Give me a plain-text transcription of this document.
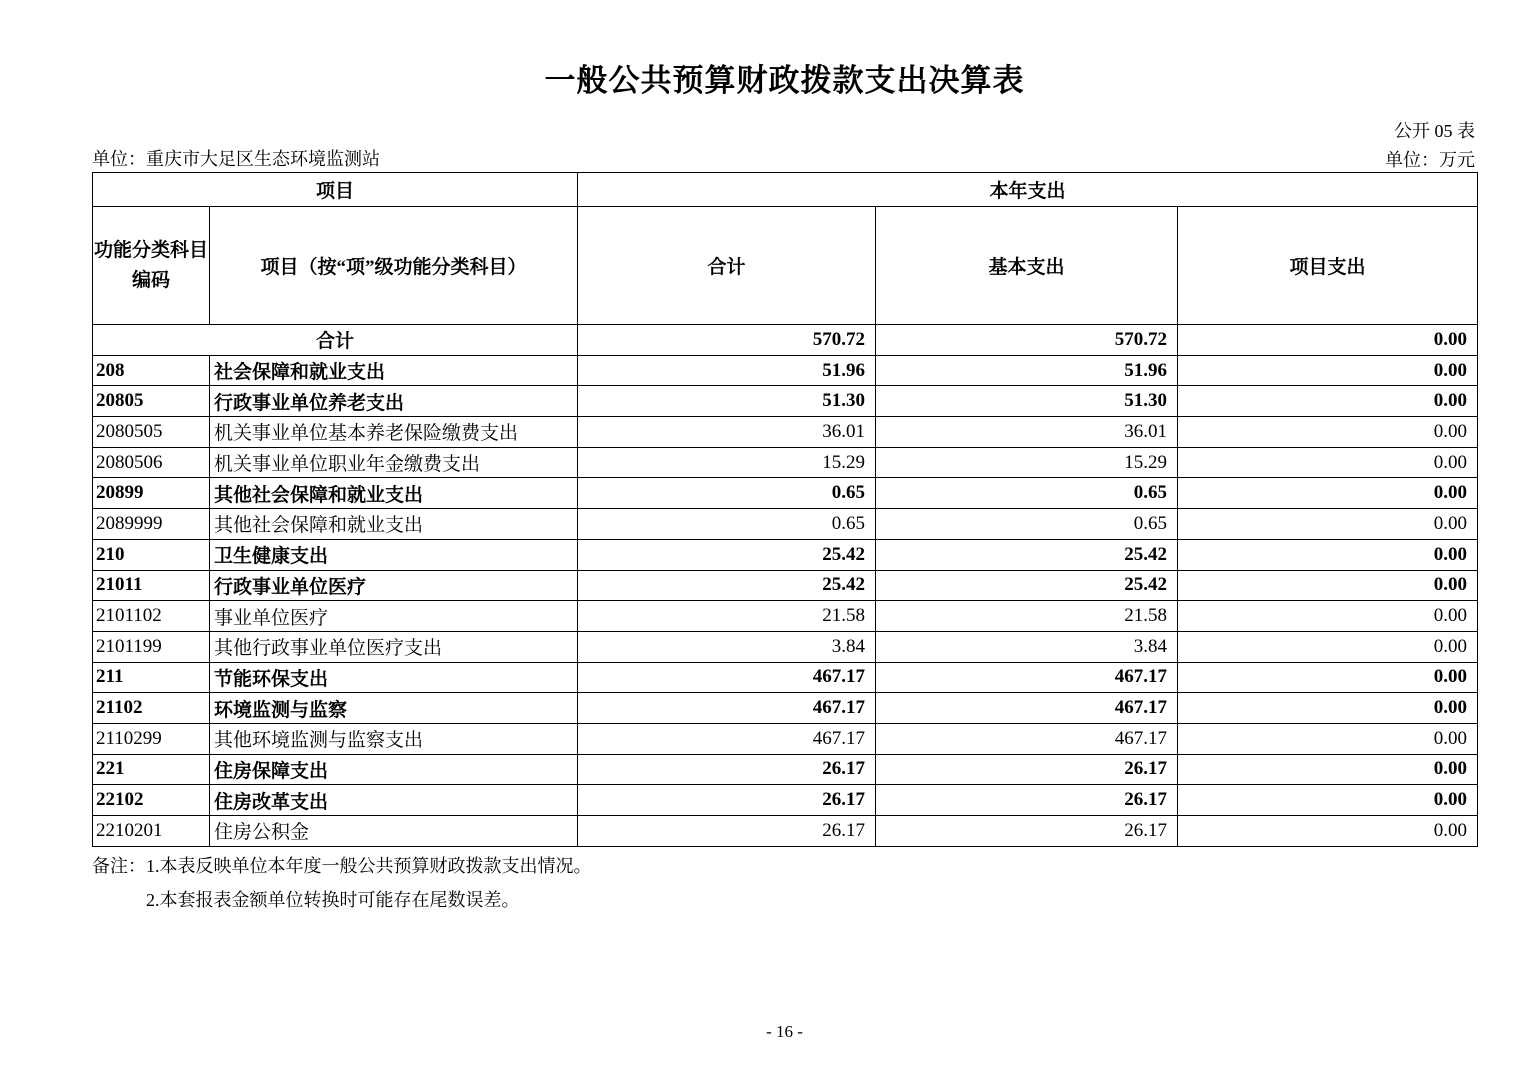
一般公共预算财政拨款支出决算表
公开 05 表
单位：重庆市大足区生态环境监测站	单位：万元
项目		本年支出		

功能分类科目
编码	项目（按“项”级功能分类科目）	合计	基本支出	项目支出
合计		570.72	570.72	0.00
208	社会保障和就业支出	51.96	51.96	0.00
20805	行政事业单位养老支出	51.30	51.30	0.00
2080505	机关事业单位基本养老保险缴费支出	36.01	36.01	0.00
2080506	机关事业单位职业年金缴费支出	15.29	15.29	0.00
20899	其他社会保障和就业支出	0.65	0.65	0.00
2089999	其他社会保障和就业支出	0.65	0.65	0.00
210	卫生健康支出	25.42	25.42	0.00
21011	行政事业单位医疗	25.42	25.42	0.00
2101102	事业单位医疗	21.58	21.58	0.00
2101199	其他行政事业单位医疗支出	3.84	3.84	0.00
211	节能环保支出	467.17	467.17	0.00
21102	环境监测与监察	467.17	467.17	0.00
2110299	其他环境监测与监察支出	467.17	467.17	0.00
221	住房保障支出	26.17	26.17	0.00
22102	住房改革支出	26.17	26.17	0.00
2210201	住房公积金	26.17	26.17	0.00
备注：1.本表反映单位本年度一般公共预算财政拨款支出情况。
2.本套报表金额单位转换时可能存在尾数误差。
- 16 -
